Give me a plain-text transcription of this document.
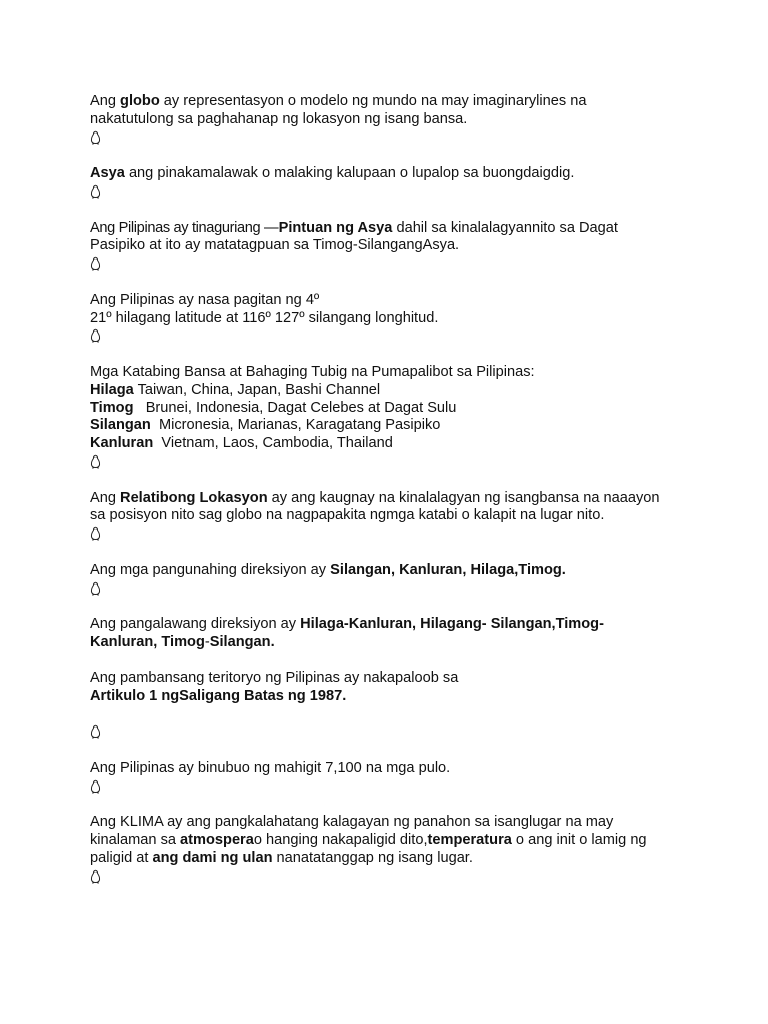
Ang globo ay representasyon o modelo ng mundo na may imaginarylines na
nakatutulong sa paghahanap ng lokasyon ng isang bansa.

Asya ang pinakamalawak o malaking kalupaan o lupalop sa buongdaigdig.

Ang Pilipinas ay tinaguriang —Pintuan ng Asya dahil sa kinalalagyannito sa Dagat
Pasipiko at ito ay matatagpuan sa Timog-SilangangAsya.

Ang Pilipinas ay nasa pagitan ng 4º
21º hilagang latitude at 116º 127º silangang longhitud.

Mga Katabing Bansa at Bahaging Tubig na Pumapalibot sa Pilipinas:
Hilaga Taiwan, China, Japan, Bashi Channel
Timog Brunei, Indonesia, Dagat Celebes at Dagat Sulu
Silangan Micronesia, Marianas, Karagatang Pasipiko
Kanluran Vietnam, Laos, Cambodia, Thailand

Ang Relatibong Lokasyon ay ang kaugnay na kinalalagyan ng isangbansa na naaayon
sa posisyon nito sag globo na nagpapakita ngmga katabi o kalapit na lugar nito.

Ang mga pangunahing direksiyon ay Silangan, Kanluran, Hilaga,Timog.

Ang pangalawang direksiyon ay Hilaga-Kanluran, Hilagang- Silangan,Timog-
Kanluran, Timog-Silangan.

Ang pambansang teritoryo ng Pilipinas ay nakapaloob sa
Artikulo 1 ngSaligang Batas ng 1987.

Ang Pilipinas ay binubuo ng mahigit 7,100 na mga pulo.

Ang KLIMA ay ang pangkalahatang kalagayan ng panahon sa isanglugar na may
kinalaman sa atmosperao hanging nakapaligid dito,temperatura o ang init o lamig ng
paligid at ang dami ng ulan nanatatanggap ng isang lugar.
